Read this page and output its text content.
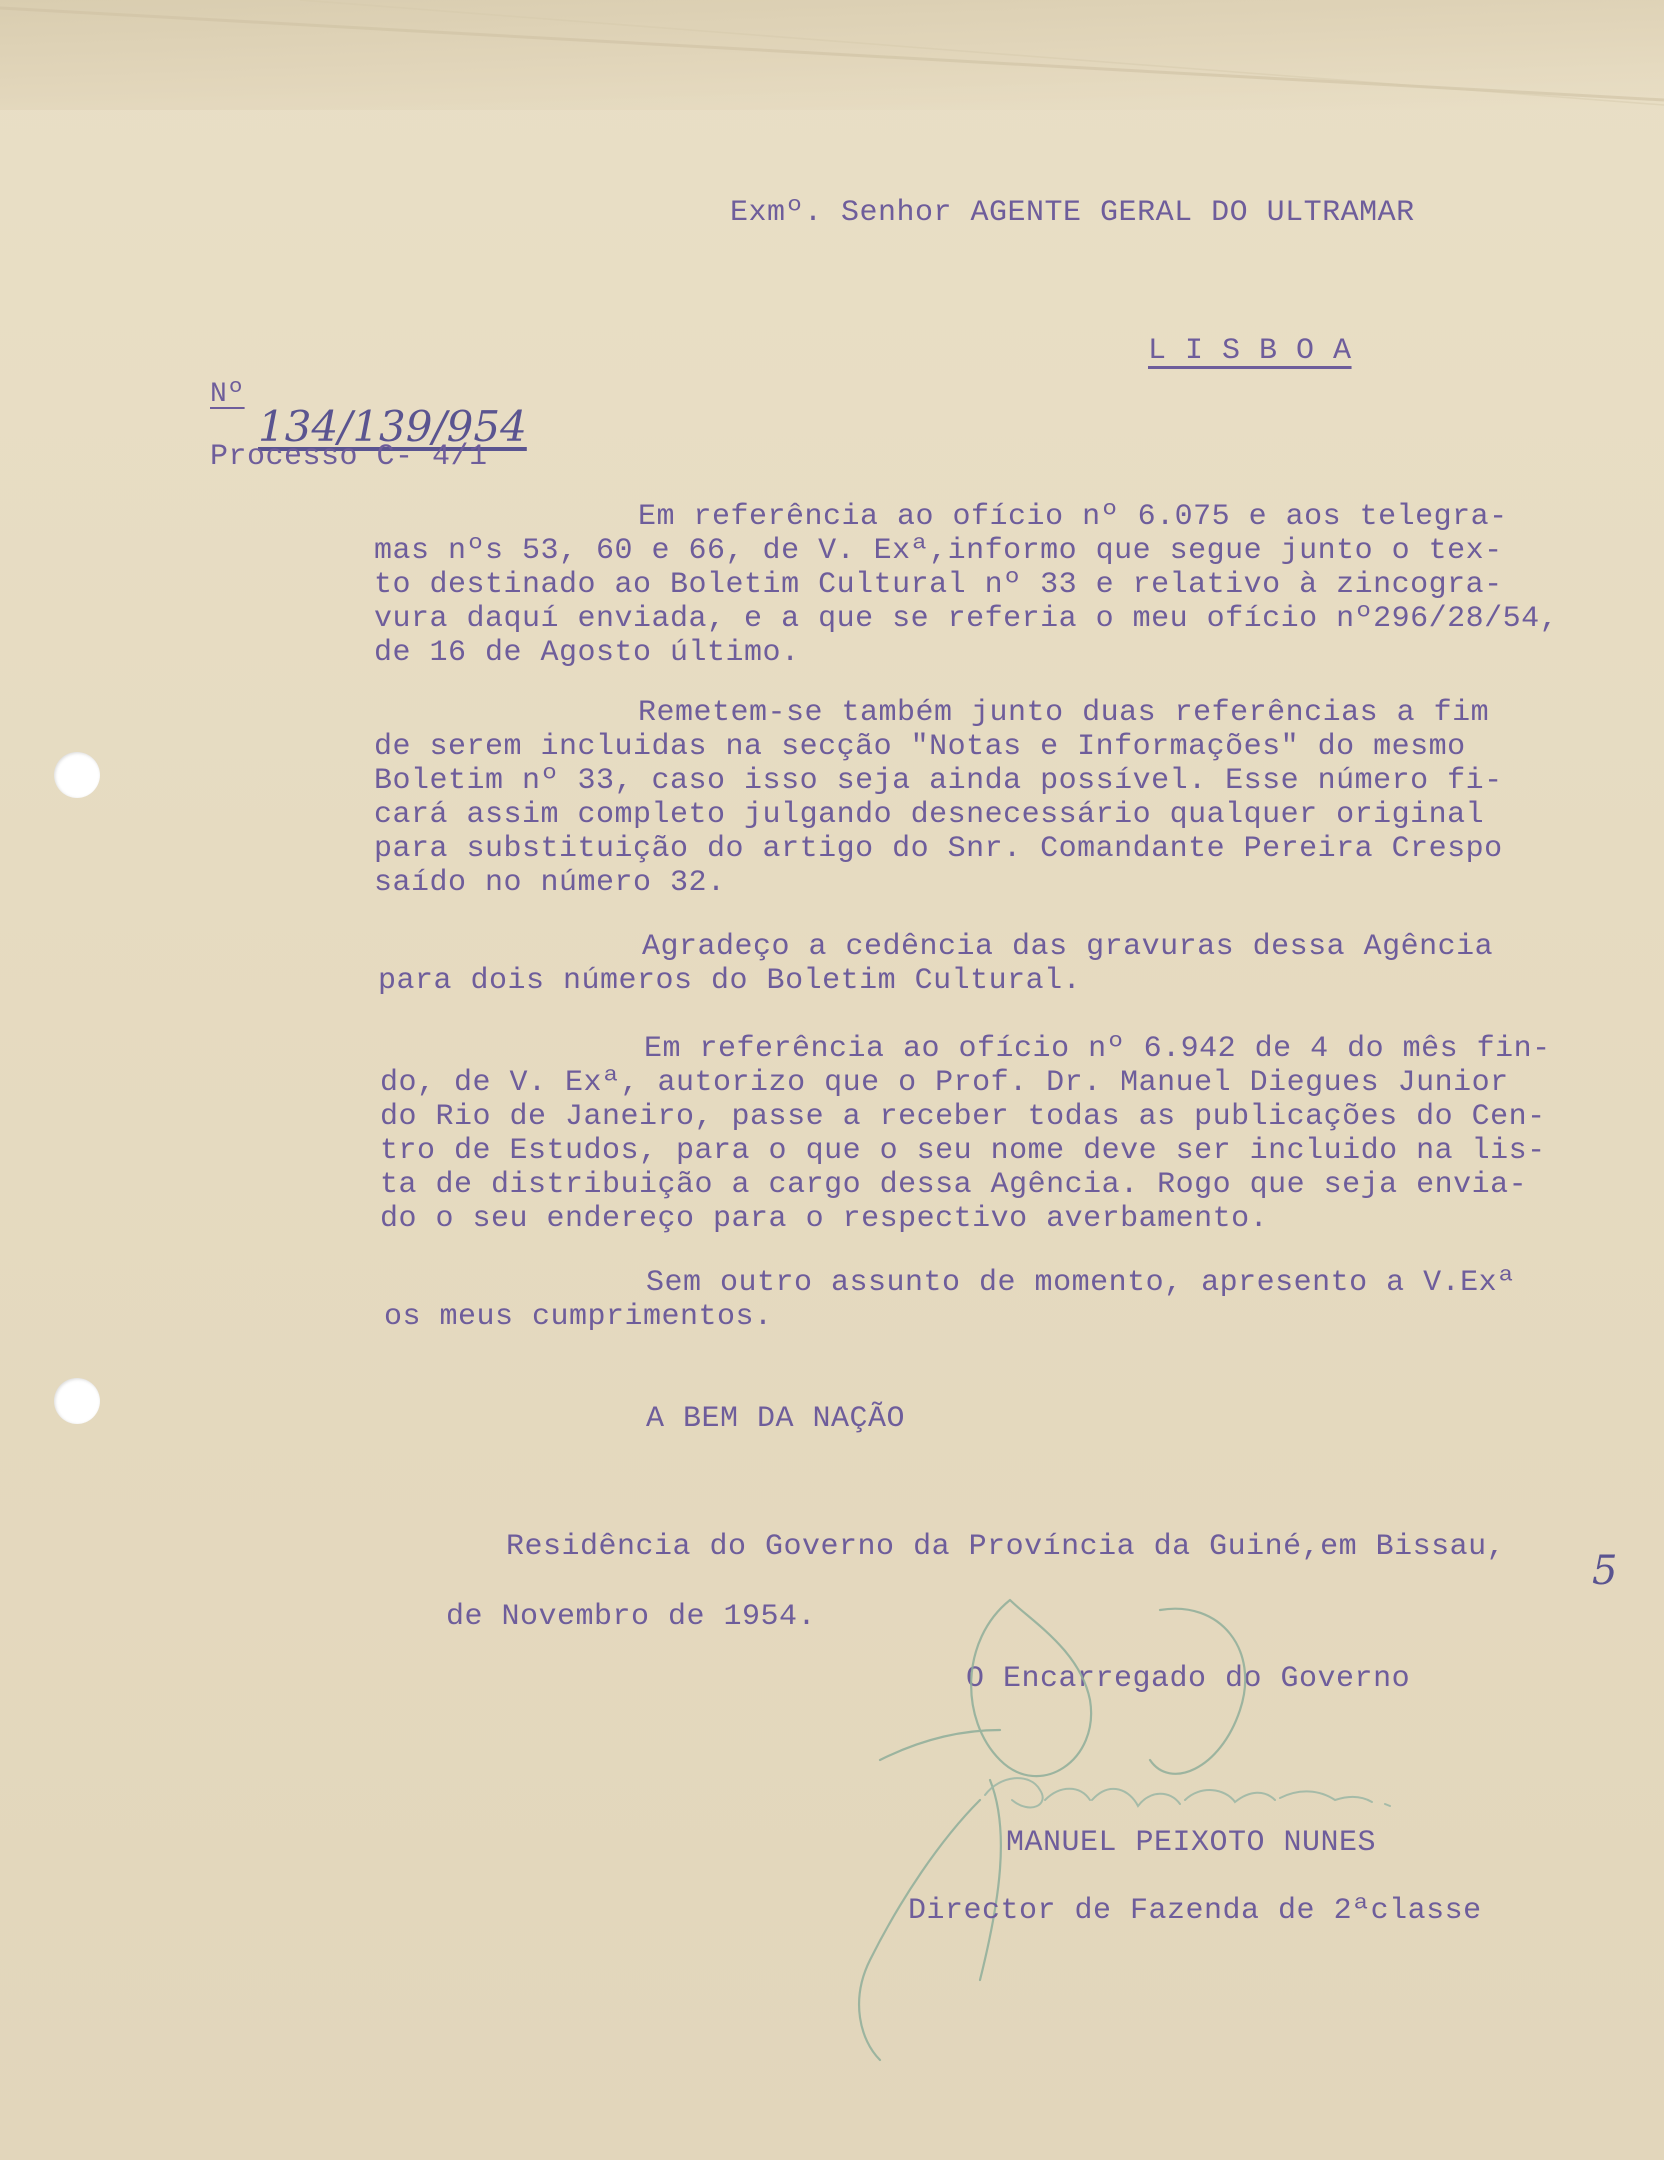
Exmº. Senhor AGENTE GERAL DO ULTRAMAR

L I S B O A

Nº

134/139/954

Processo C- 4/1

Em referência ao ofício nº 6.075 e aos telegra-
mas nºs 53, 60 e 66, de V. Exª,informo que segue junto o tex-
to destinado ao Boletim Cultural nº 33 e relativo à zincogra-
vura daquí enviada, e a que se referia o meu ofício nº296/28/54,
de 16 de Agosto último.
Remetem-se também junto duas referências a fim
de serem incluidas na secção "Notas e Informações" do mesmo
Boletim nº 33, caso isso seja ainda possível. Esse número fi-
cará assim completo julgando desnecessário qualquer original
para substituição do artigo do Snr. Comandante Pereira Crespo
saído no número 32.
Agradeço a cedência das gravuras dessa Agência
para dois números do Boletim Cultural.
Em referência ao ofício nº 6.942 de 4 do mês fin-
do, de V. Exª, autorizo que o Prof. Dr. Manuel Diegues Junior
do Rio de Janeiro, passe a receber todas as publicações do Cen-
tro de Estudos, para o que o seu nome deve ser incluido na lis-
ta de distribuição a cargo dessa Agência. Rogo que seja envia-
do o seu endereço para o respectivo averbamento.
Sem outro assunto de momento, apresento a V.Exª
os meus cumprimentos.

A BEM DA NAÇÃO

Residência do Governo da Província da Guiné,em Bissau,

5

de Novembro de 1954.

O Encarregado do Governo

MANUEL PEIXOTO NUNES

Director de Fazenda de 2ªclasse
